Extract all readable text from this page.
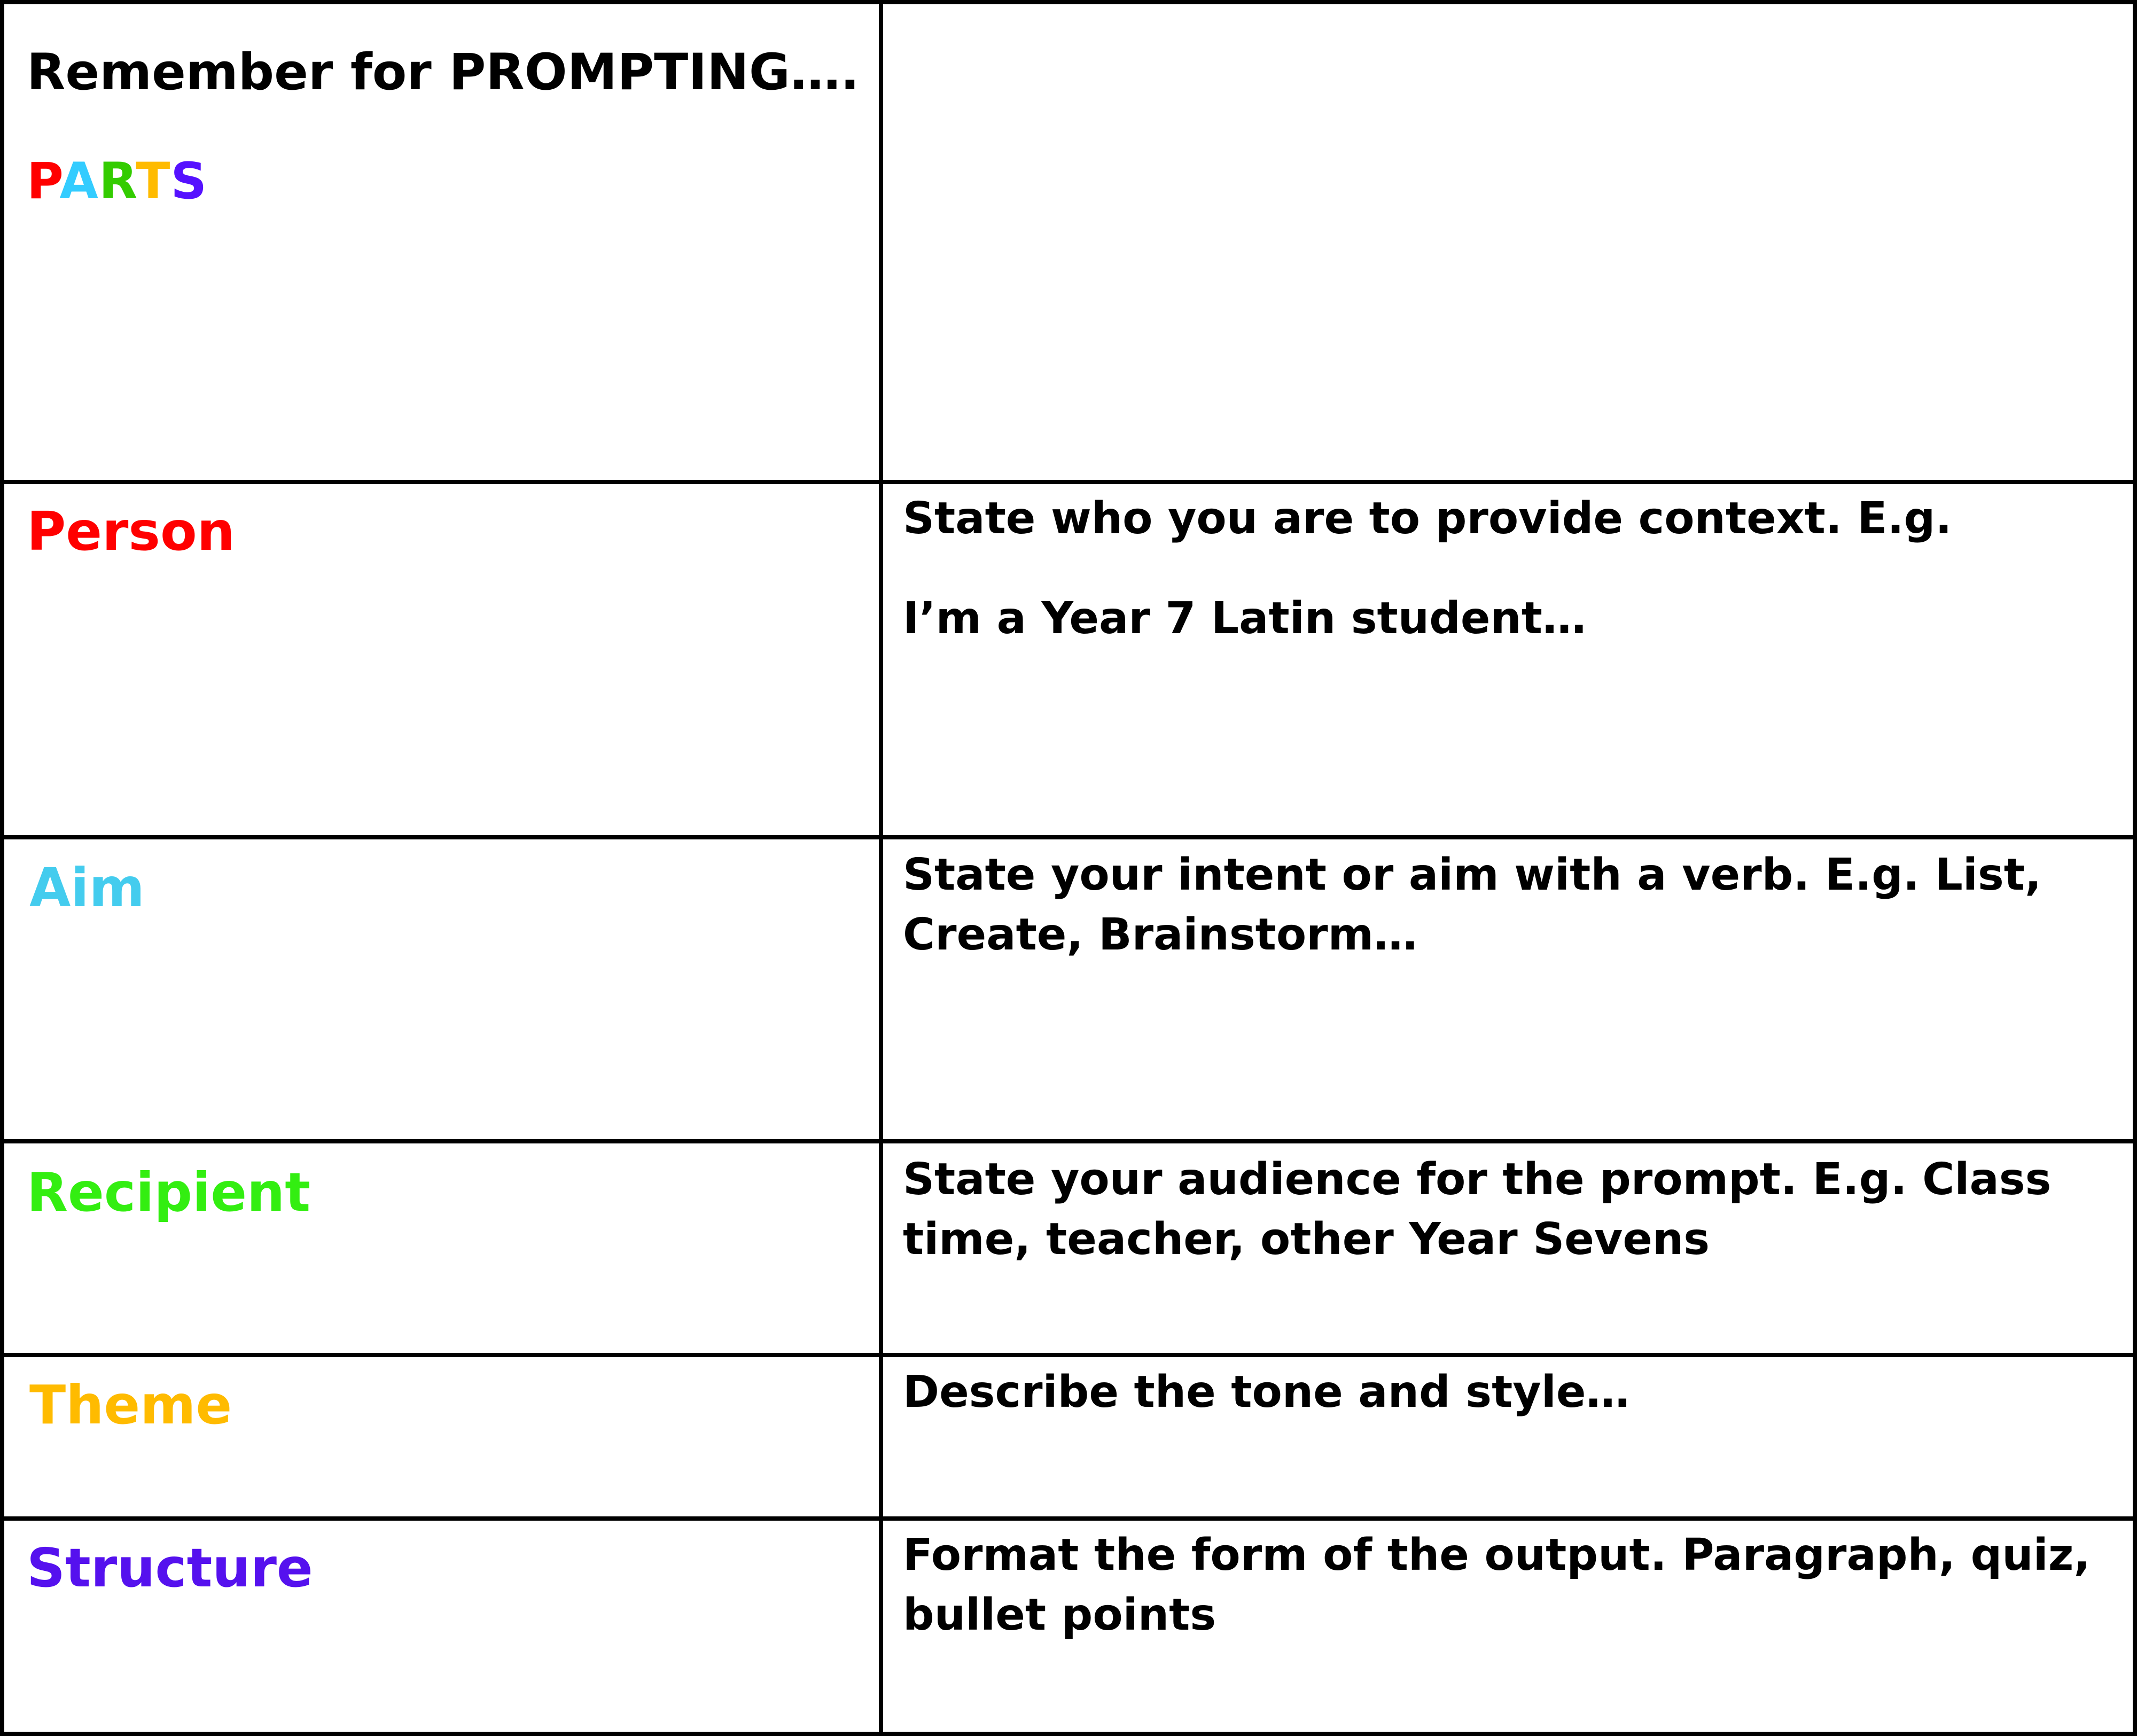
Remember for PROMPTING….
PARTS
Person	State who you are to provide context. E.g.

I’m a Year 7 Latin student…

Aim	State your intent or aim with a verb. E.g. List, Create, Brainstorm…

Recipient	State your audience for the prompt. E.g. Class time, teacher, other Year Sevens

Theme	Describe the tone and style…

Structure	Format the form of the output. Paragraph, quiz, bullet points
